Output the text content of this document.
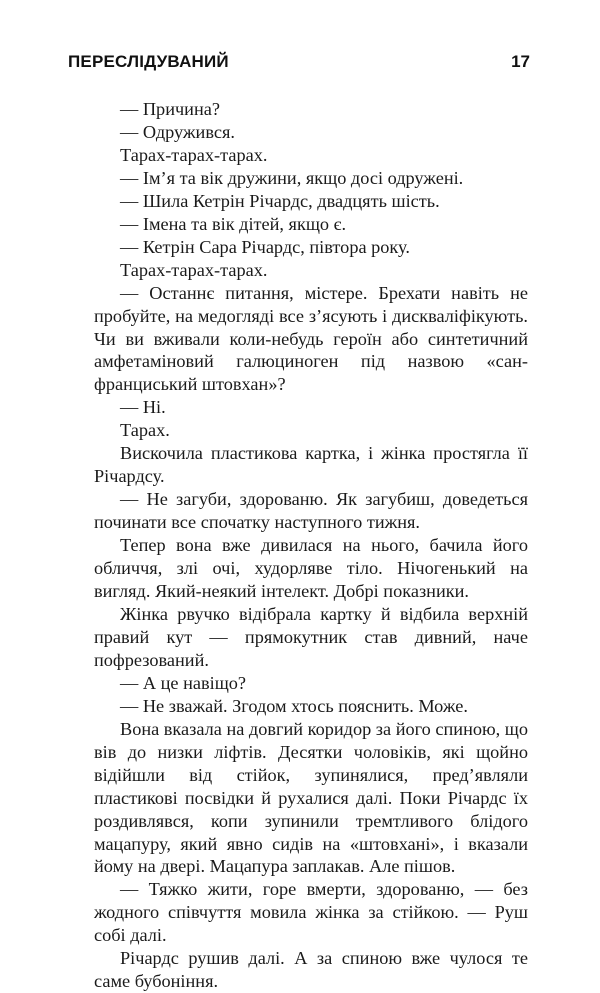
ПЕРЕСЛІДУВАНИЙ	17

— Причина?

— Одружився.

Тарах-тарах-тарах.

— Ім’я та вік дружини, якщо досі одружені.

— Шила Кетрін Річардс, двадцять шість.

— Імена та вік дітей, якщо є.

— Кетрін Сара Річардс, півтора року.

Тарах-тарах-тарах.

— Останнє питання, містере. Брехати навіть не пробуйте, на медогляді все з’ясують і дискваліфікують. Чи ви вживали коли-небудь героїн або синтетичний амфетаміновий галюциноген під назвою «сан-франциський штовхан»?

— Ні.

Тарах.

Вискочила пластикова картка, і жінка простягла її Річардсу.

— Не загуби, здорованю. Як загубиш, доведеться починати все спочатку наступного тижня.

Тепер вона вже дивилася на нього, бачила його обличчя, злі очі, худорляве тіло. Нічогенький на вигляд. Який-неякий інтелект. Добрі показники.

Жінка рвучко відібрала картку й відбила верхній правий кут — прямокутник став дивний, наче пофрезований.

— А це навіщо?

— Не зважай. Згодом хтось пояснить. Може.

Вона вказала на довгий коридор за його спиною, що вів до низки ліфтів. Десятки чоловіків, які щойно відійшли від стійок, зупинялися, пред’являли пластикові посвідки й рухалися далі. Поки Річардс їх роздивлявся, копи зупинили тремтливого блідого мацапуру, який явно сидів на «штовхані», і вказали йому на двері. Мацапура заплакав. Але пішов.

— Тяжко жити, горе вмерти, здорованю, — без жодного співчуття мовила жінка за стійкою. — Руш собі далі.

Річардс рушив далі. А за спиною вже чулося те саме бубоніння.
